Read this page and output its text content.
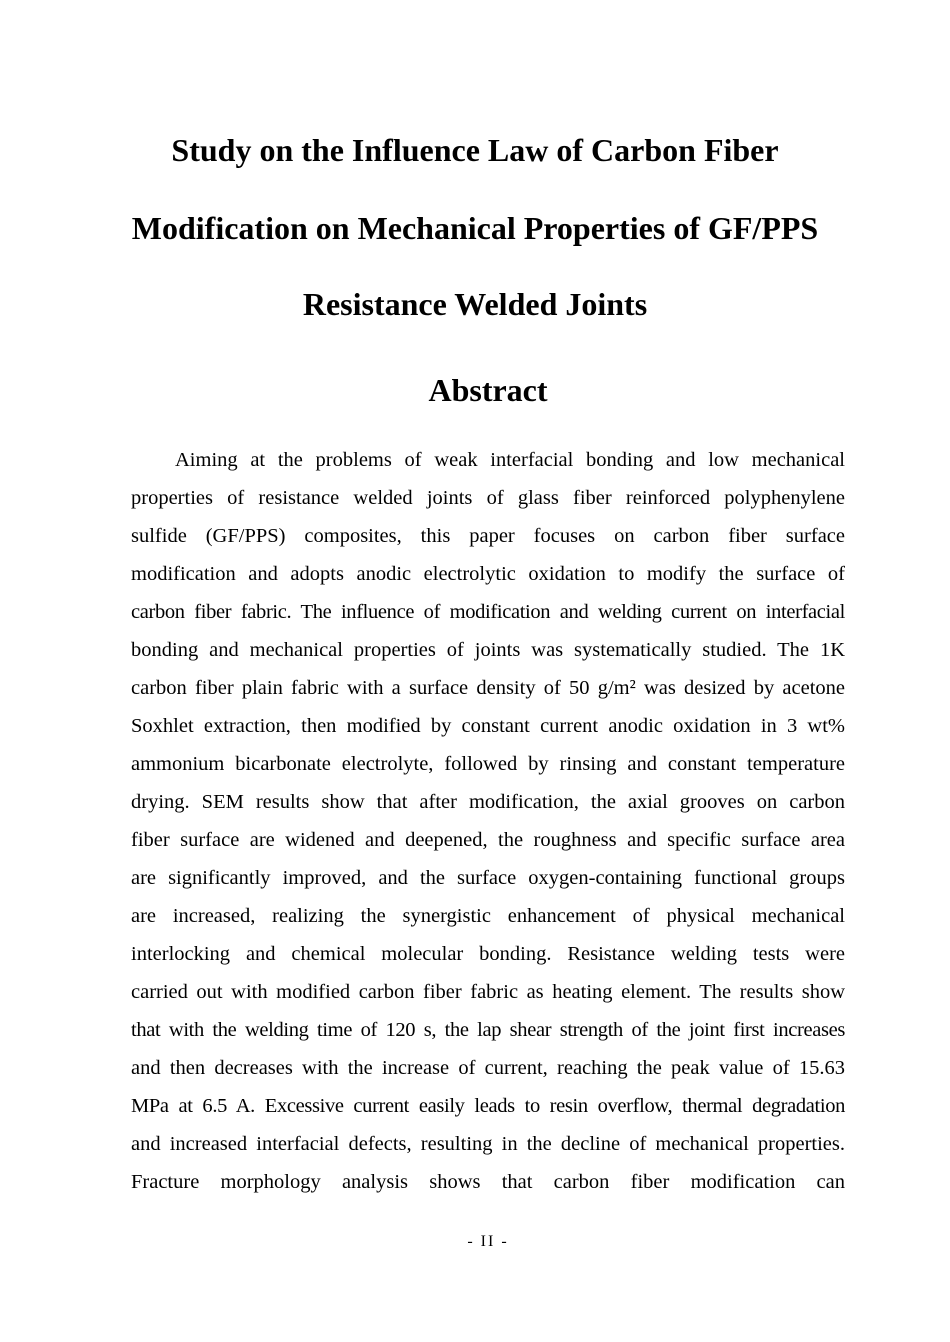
Study on the Influence Law of Carbon Fiber
Modification on Mechanical Properties of GF/PPS
Resistance Welded Joints
Abstract
Aiming at the problems of weak interfacial bonding and low mechanical
properties of resistance welded joints of glass fiber reinforced polyphenylene
sulfide (GF/PPS) composites, this paper focuses on carbon fiber surface
modification and adopts anodic electrolytic oxidation to modify the surface of
carbon fiber fabric. The influence of modification and welding current on interfacial
bonding and mechanical properties of joints was systematically studied. The 1K
carbon fiber plain fabric with a surface density of 50 g/m² was desized by acetone
Soxhlet extraction, then modified by constant current anodic oxidation in 3 wt%
ammonium bicarbonate electrolyte, followed by rinsing and constant temperature
drying. SEM results show that after modification, the axial grooves on carbon
fiber surface are widened and deepened, the roughness and specific surface area
are significantly improved, and the surface oxygen-containing functional groups
are increased, realizing the synergistic enhancement of physical mechanical
interlocking and chemical molecular bonding. Resistance welding tests were
carried out with modified carbon fiber fabric as heating element. The results show
that with the welding time of 120 s, the lap shear strength of the joint first increases
and then decreases with the increase of current, reaching the peak value of 15.63
MPa at 6.5 A. Excessive current easily leads to resin overflow, thermal degradation
and increased interfacial defects, resulting in the decline of mechanical properties.
Fracture morphology analysis shows that carbon fiber modification can
- II -
